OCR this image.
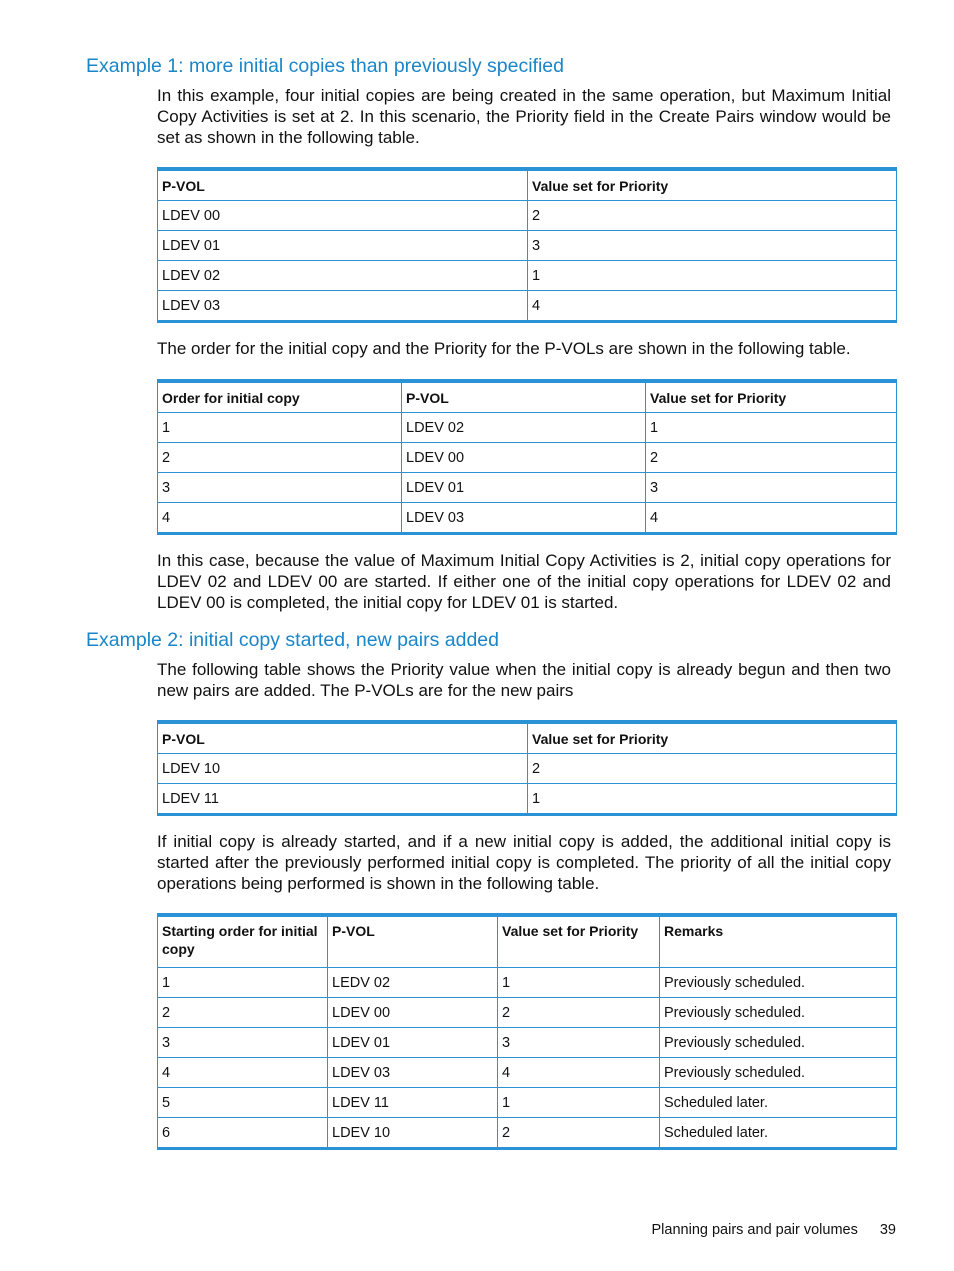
Example 1: more initial copies than previously specified

In this example, four initial copies are being created in the same operation, but Maximum Initial Copy Activities is set at 2. In this scenario, the Priority field in the Create Pairs window would be set as shown in the following table.

P-VOL	Value set for Priority
LDEV 00	2
LDEV 01	3
LDEV 02	1
LDEV 03	4

The order for the initial copy and the Priority for the P-VOLs are shown in the following table.

Order for initial copy	P-VOL	Value set for Priority
1	LDEV 02	1
2	LDEV 00	2
3	LDEV 01	3
4	LDEV 03	4

In this case, because the value of Maximum Initial Copy Activities is 2, initial copy operations for LDEV 02 and LDEV 00 are started. If either one of the initial copy operations for LDEV 02 and LDEV 00 is completed, the initial copy for LDEV 01 is started.

Example 2: initial copy started, new pairs added

The following table shows the Priority value when the initial copy is already begun and then two new pairs are added. The P-VOLs are for the new pairs

P-VOL	Value set for Priority
LDEV 10	2
LDEV 11	1

If initial copy is already started, and if a new initial copy is added, the additional initial copy is started after the previously performed initial copy is completed. The priority of all the initial copy operations being performed is shown in the following table.

Starting order for initial copy	P-VOL	Value set for Priority	Remarks
1	LEDV 02	1	Previously scheduled.
2	LDEV 00	2	Previously scheduled.
3	LDEV 01	3	Previously scheduled.
4	LDEV 03	4	Previously scheduled.
5	LDEV 11	1	Scheduled later.
6	LDEV 10	2	Scheduled later.
Planning pairs and pair volumes 39
